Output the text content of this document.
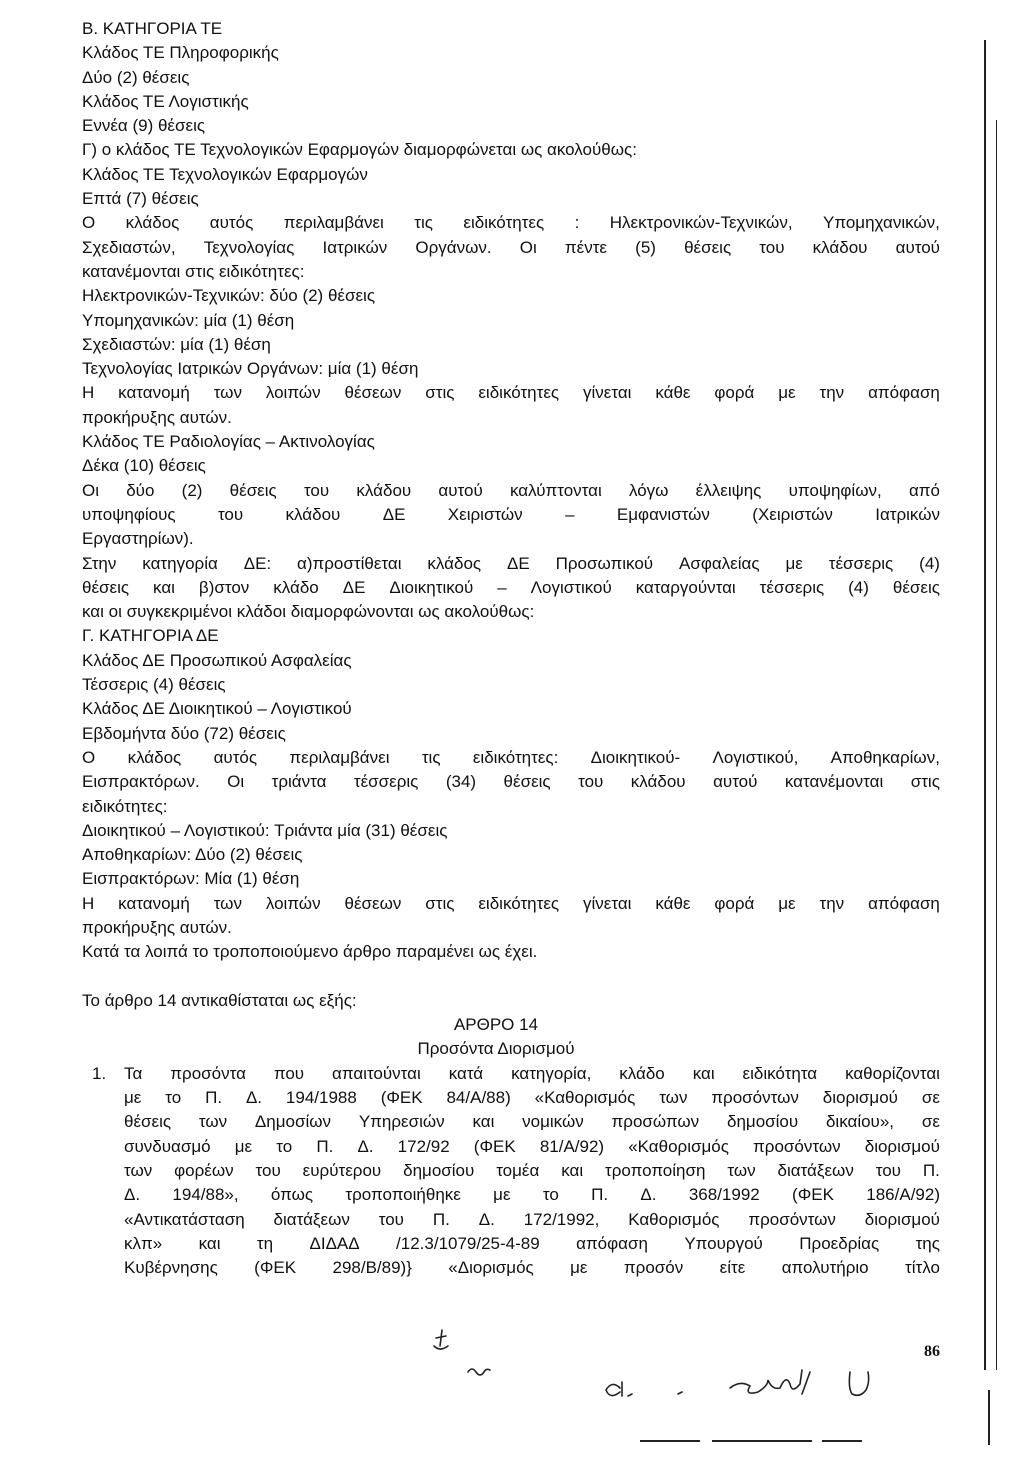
B. ΚΑΤΗΓΟΡΙΑ ΤΕ
Κλάδος ΤΕ Πληροφορικής
Δύο (2) θέσεις
Κλάδος ΤΕ Λογιστικής
Εννέα (9) θέσεις
Γ) ο κλάδος ΤΕ Τεχνολογικών Εφαρμογών διαμορφώνεται ως ακολούθως:
Κλάδος ΤΕ Τεχνολογικών Εφαρμογών
Επτά (7) θέσεις
Ο κλάδος αυτός περιλαμβάνει τις ειδικότητες : Ηλεκτρονικών-Τεχνικών, Υπομηχανικών,
Σχεδιαστών, Τεχνολογίας Ιατρικών Οργάνων. Οι πέντε (5) θέσεις του κλάδου αυτού
κατανέμονται στις ειδικότητες:
Ηλεκτρονικών-Τεχνικών: δύο (2) θέσεις
Υπομηχανικών: μία (1) θέση
Σχεδιαστών: μία (1) θέση
Τεχνολογίας Ιατρικών Οργάνων: μία (1) θέση
Η κατανομή των λοιπών θέσεων στις ειδικότητες γίνεται κάθε φορά με την απόφαση
προκήρυξης αυτών.
Κλάδος ΤΕ Ραδιολογίας – Ακτινολογίας
Δέκα (10) θέσεις
Οι δύο (2) θέσεις του κλάδου αυτού καλύπτονται λόγω έλλειψης υποψηφίων, από
υποψηφίους του κλάδου ΔΕ Χειριστών – Εμφανιστών (Χειριστών Ιατρικών
Εργαστηρίων).
Στην κατηγορία ΔΕ: α)προστίθεται κλάδος ΔΕ Προσωπικού Ασφαλείας με τέσσερις (4)
θέσεις και β)στον κλάδο ΔΕ Διοικητικού – Λογιστικού καταργούνται τέσσερις (4) θέσεις
και οι συγκεκριμένοι κλάδοι διαμορφώνονται ως ακολούθως:
Γ. ΚΑΤΗΓΟΡΙΑ ΔΕ
Κλάδος ΔΕ Προσωπικού Ασφαλείας
Τέσσερις (4) θέσεις
Κλάδος ΔΕ Διοικητικού – Λογιστικού
Εβδομήντα δύο (72) θέσεις
Ο κλάδος αυτός περιλαμβάνει τις ειδικότητες: Διοικητικού- Λογιστικού, Αποθηκαρίων,
Εισπρακτόρων. Οι τριάντα τέσσερις (34) θέσεις του κλάδου αυτού κατανέμονται στις
ειδικότητες:
Διοικητικού – Λογιστικού: Τριάντα μία (31) θέσεις
Αποθηκαρίων: Δύο (2) θέσεις
Εισπρακτόρων: Μία (1) θέση
Η κατανομή των λοιπών θέσεων στις ειδικότητες γίνεται κάθε φορά με την απόφαση
προκήρυξης αυτών.
Κατά τα λοιπά το τροποποιούμενο άρθρο παραμένει ως έχει.
Το άρθρο 14 αντικαθίσταται ως εξής:
ΑΡΘΡΟ 14
Προσόντα Διορισμού
1. Τα προσόντα που απαιτούνται κατά κατηγορία, κλάδο και ειδικότητα καθορίζονται
με το Π. Δ. 194/1988 (ΦΕΚ 84/Α/88) «Καθορισμός των προσόντων διορισμού σε
θέσεις των Δημοσίων Υπηρεσιών και νομικών προσώπων δημοσίου δικαίου», σε
συνδυασμό με το Π. Δ. 172/92 (ΦΕΚ 81/Α/92) «Καθορισμός προσόντων διορισμού
των φορέων του ευρύτερου δημοσίου τομέα και τροποποίηση των διατάξεων του Π.
Δ. 194/88», όπως τροποποιήθηκε με το Π. Δ. 368/1992 (ΦΕΚ 186/Α/92)
«Αντικατάσταση διατάξεων του Π. Δ. 172/1992, Καθορισμός προσόντων διορισμού
κλπ» και τη ΔΙΔΑΔ /12.3/1079/25-4-89 απόφαση Υπουργού Προεδρίας της
Κυβέρνησης (ΦΕΚ 298/Β/89)} «Διορισμός με προσόν είτε απολυτήριο τίτλο
86
